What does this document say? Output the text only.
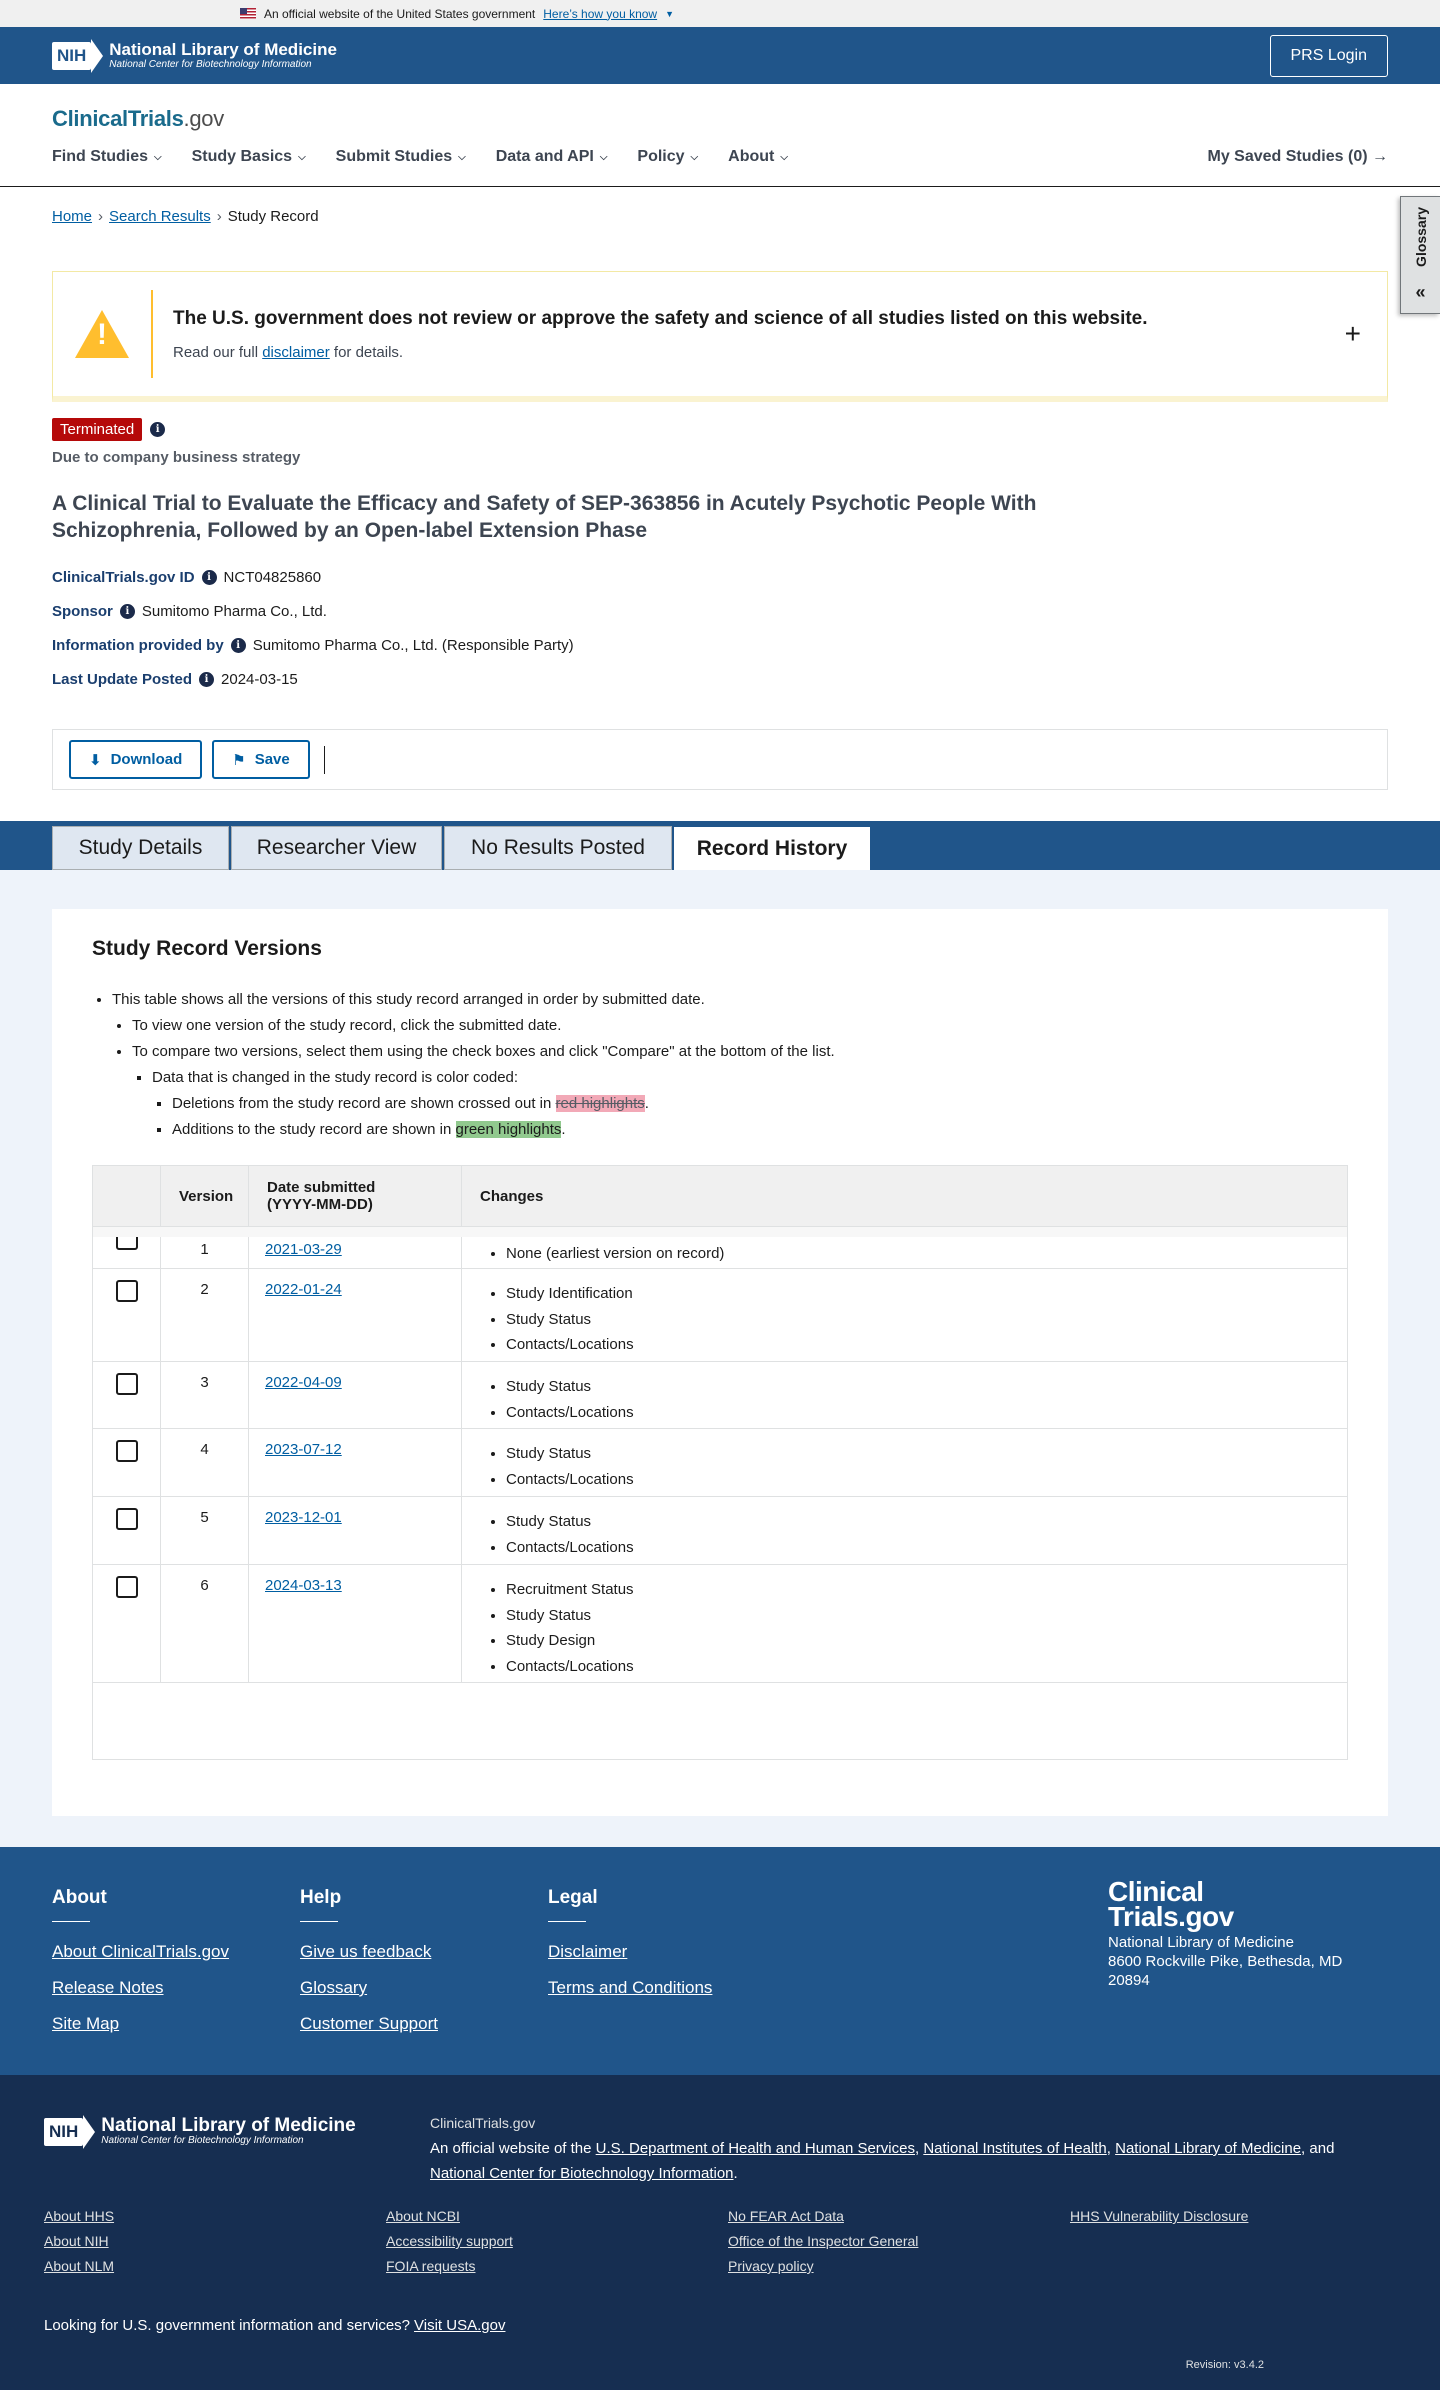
An official website of the United States government Here’s how you know ▼
NIH National Library of Medicine
National Center for Biotechnology Information
PRS Login
ClinicalTrials.gov
Find Studies ⌵ Study Basics ⌵ Submit Studies ⌵ Data and API ⌵ Policy ⌵ About ⌵	My Saved Studies (0) →
Glossary
«
Home › Search Results › Study Record
!
The U.S. government does not review or approve the safety and science of all studies listed on this website.
Read our full disclaimer for details.
+
Terminated	i
Due to company business strategy
A Clinical Trial to Evaluate the Efficacy and Safety of SEP-363856 in Acutely Psychotic People With Schizophrenia, Followed by an Open-label Extension Phase
ClinicalTrials.gov ID	i NCT04825860
Sponsor	i Sumitomo Pharma Co., Ltd.
Information provided by	i Sumitomo Pharma Co., Ltd. (Responsible Party)
Last Update Posted	i 2024-03-15
⬇ Download	⚑ Save
Study Details	Researcher View	No Results Posted	Record History
Study Record Versions
• This table shows all the versions of this study record arranged in order by submitted date.
• To view one version of the study record, click the submitted date.
• To compare two versions, select them using the check boxes and click "Compare" at the bottom of the list.
▪ Data that is changed in the study record is color coded:
▪ Deletions from the study record are shown crossed out in red highlights.
▪ Additions to the study record are shown in green highlights.
Version	Date submitted
(YYYY-MM-DD)	Changes
1	2021-03-29	• None (earliest version on record)
2	2022-01-24	• Study Identification
• Study Status
• Contacts/Locations
3	2022-04-09	• Study Status
• Contacts/Locations
4	2023-07-12	• Study Status
• Contacts/Locations
5	2023-12-01	• Study Status
• Contacts/Locations
6	2024-03-13	• Recruitment Status
• Study Status
• Study Design
• Contacts/Locations
About
About ClinicalTrials.gov
Release Notes
Site Map
Help
Give us feedback
Glossary
Customer Support
Legal
Disclaimer
Terms and Conditions
Clinical
Trials.gov
National Library of Medicine
8600 Rockville Pike, Bethesda, MD
20894
NIH National Library of Medicine
National Center for Biotechnology Information
ClinicalTrials.gov
An official website of the U.S. Department of Health and Human Services, National Institutes of Health, National Library of Medicine, and National Center for Biotechnology Information.
About HHS	About NCBI	No FEAR Act Data	HHS Vulnerability Disclosure
About NIH	Accessibility support	Office of the Inspector General
About NLM	FOIA requests	Privacy policy
Looking for U.S. government information and services? Visit USA.gov
Revision: v3.4.2
